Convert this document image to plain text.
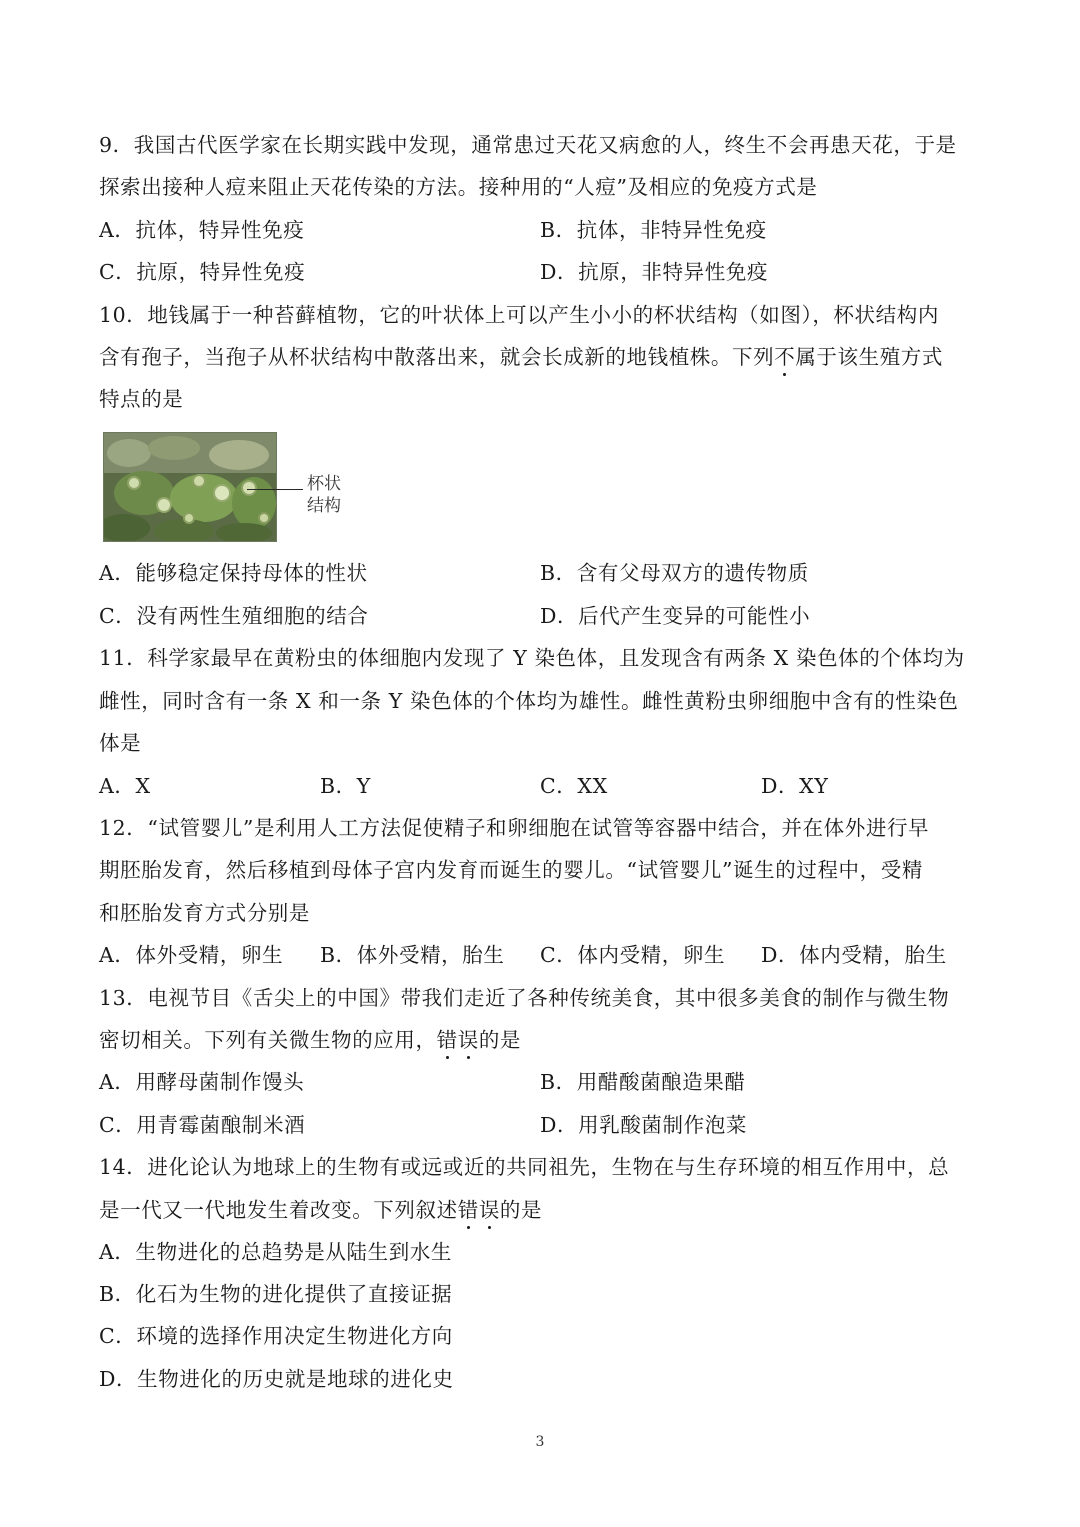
9．我国古代医学家在长期实践中发现，通常患过天花又病愈的人，终生不会再患天花，于是
探索出接种人痘来阻止天花传染的方法。接种用的“人痘”及相应的免疫方式是
A．抗体，特异性免疫	B．抗体，非特异性免疫
C．抗原，特异性免疫	D．抗原，非特异性免疫
10．地钱属于一种苔藓植物，它的叶状体上可以产生小小的杯状结构（如图），杯状结构内
含有孢子，当孢子从杯状结构中散落出来，就会长成新的地钱植株。下列不属于该生殖方式
特点的是
杯状
结构
A．能够稳定保持母体的性状	B．含有父母双方的遗传物质
C．没有两性生殖细胞的结合	D．后代产生变异的可能性小
11．科学家最早在黄粉虫的体细胞内发现了 Y 染色体，且发现含有两条 X 染色体的个体均为
雌性，同时含有一条 X 和一条 Y 染色体的个体均为雄性。雌性黄粉虫卵细胞中含有的性染色
体是
A．X	B．Y	C．XX	D．XY
12．“试管婴儿”是利用人工方法促使精子和卵细胞在试管等容器中结合，并在体外进行早
期胚胎发育，然后移植到母体子宫内发育而诞生的婴儿。“试管婴儿”诞生的过程中，受精
和胚胎发育方式分别是
A．体外受精，卵生 B．体外受精，胎生 C．体内受精，卵生 D．体内受精，胎生
13．电视节目《舌尖上的中国》带我们走近了各种传统美食，其中很多美食的制作与微生物
密切相关。下列有关微生物的应用，错误的是
A．用酵母菌制作馒头	B．用醋酸菌酿造果醋
C．用青霉菌酿制米酒	D．用乳酸菌制作泡菜
14．进化论认为地球上的生物有或远或近的共同祖先，生物在与生存环境的相互作用中，总
是一代又一代地发生着改变。下列叙述错误的是
A．生物进化的总趋势是从陆生到水生
B．化石为生物的进化提供了直接证据
C．环境的选择作用决定生物进化方向
D．生物进化的历史就是地球的进化史
3
